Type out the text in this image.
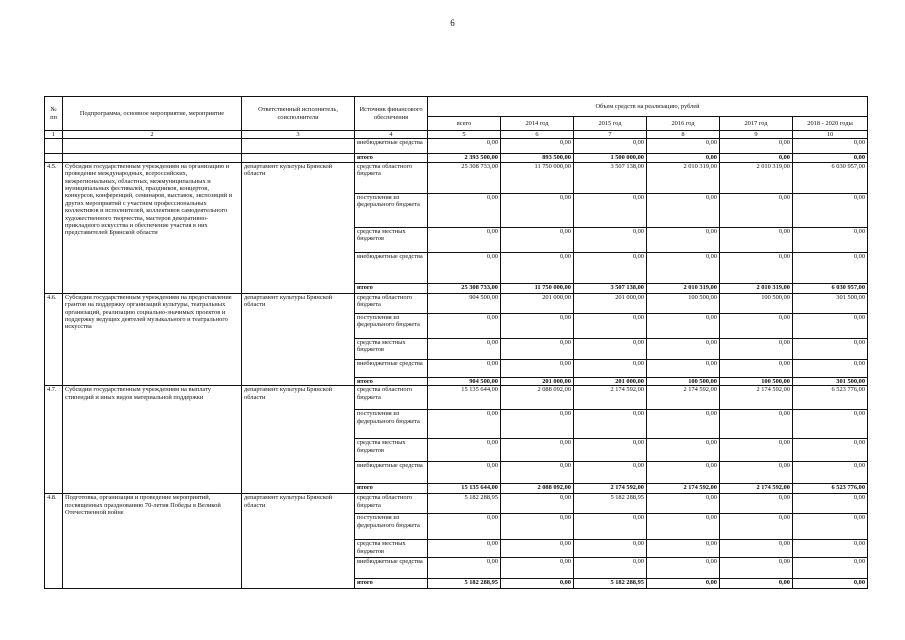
6
№ пп	Подпрограмма, основное мероприятие, мероприятие	Ответственный исполнитель, соисполнители	Источник финансового обеспечения	Объем средств на реализацию, рублей					
				всего	2014 год	2015 год	2016 год	2017 год	2018 - 2020 годы
1	2	3	4	5	6	7	8	9	10
			внебюджетные средства	0,00	0,00	0,00	0,00	0,00	0,00
			итого	2 393 500,00	893 500,00	1 500 000,00	0,00	0,00	0,00
4.5.	Субсидии государственным учреждениям на организацию и проведение международных, всероссийских, межрегиональных, областных, межмуниципальных и муниципальных фестивалей, праздников, концертов, конкурсов, конференций, семинаров, выставок, экспозиций и других мероприятий с участием профессиональных коллективов и исполнителей, коллективов самодеятельного художественного творчества, мастеров декоративно-прикладного искусства и обеспечение участия в них представителей Брянской области	департамент культуры Брянской области	средства областного бюджета	25 308 733,00	11 750 000,00	3 507 138,00	2 010 319,00	2 010 319,00	6 030 957,00
			поступления из федерального бюджета	0,00	0,00	0,00	0,00	0,00	0,00
			средства местных бюджетов	0,00	0,00	0,00	0,00	0,00	0,00
			внебюджетные средства	0,00	0,00	0,00	0,00	0,00	0,00
			итого	25 308 733,00	11 750 000,00	3 507 138,00	2 010 319,00	2 010 319,00	6 030 957,00
4.6.	Субсидии государственным учреждениям на предоставление грантов на поддержку организаций культуры, театральных организаций, реализацию социально-значимых проектов и поддержку ведущих деятелей музыкального и театрального искусства	департамент культуры Брянской области	средства областного бюджета	904 500,00	201 000,00	201 000,00	100 500,00	100 500,00	301 500,00
			поступления из федерального бюджета	0,00	0,00	0,00	0,00	0,00	0,00
			средства местных бюджетов	0,00	0,00	0,00	0,00	0,00	0,00
			внебюджетные средства	0,00	0,00	0,00	0,00	0,00	0,00
			итого	904 500,00	201 000,00	201 000,00	100 500,00	100 500,00	301 500,00
4.7.	Субсидии государственным учреждениям на выплату стипендий и иных видов материальной поддержки	департамент культуры Брянской области	средства областного бюджета	15 135 644,00	2 088 092,00	2 174 592,00	2 174 592,00	2 174 592,00	6 523 776,00
			поступления из федерального бюджета	0,00	0,00	0,00	0,00	0,00	0,00
			средства местных бюджетов	0,00	0,00	0,00	0,00	0,00	0,00
			внебюджетные средства	0,00	0,00	0,00	0,00	0,00	0,00
			итого	15 135 644,00	2 088 092,00	2 174 592,00	2 174 592,00	2 174 592,00	6 523 776,00
4.8.	Подготовка, организация и проведение мероприятий, посвященных празднованию 70-летия Победы в Великой Отечественной войне	департамент культуры Брянской области	средства областного бюджета	5 182 288,95	0,00	5 182 288,95	0,00	0,00	0,00
			поступления из федерального бюджета	0,00	0,00	0,00	0,00	0,00	0,00
			средства местных бюджетов	0,00	0,00	0,00	0,00	0,00	0,00
			внебюджетные средства	0,00	0,00	0,00	0,00	0,00	0,00
			итого	5 182 288,95	0,00	5 182 288,95	0,00	0,00	0,00
